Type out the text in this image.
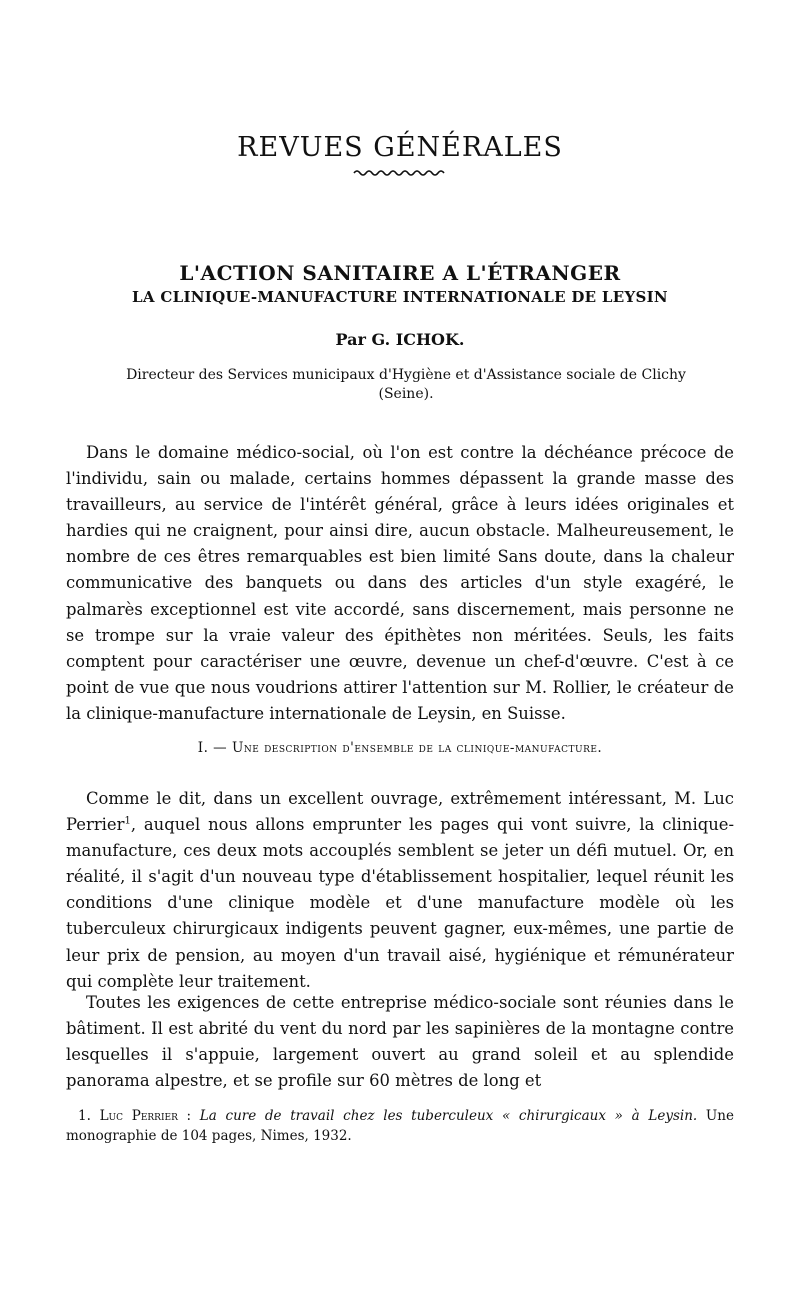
REVUES GÉNÉRALES
L'ACTION SANITAIRE A L'ÉTRANGER
LA CLINIQUE-MANUFACTURE INTERNATIONALE DE LEYSIN
Par G. ICHOK.
Directeur des Services municipaux d'Hygiène et d'Assistance sociale de Clichy (Seine).

Dans le domaine médico-social, où l'on est contre la déchéance précoce de l'individu, sain ou malade, certains hommes dépassent la grande masse des travailleurs, au service de l'intérêt général, grâce à leurs idées originales et hardies qui ne craignent, pour ainsi dire, aucun obstacle. Malheureusement, le nombre de ces êtres remarquables est bien limité Sans doute, dans la chaleur communicative des banquets ou dans des articles d'un style exagéré, le palmarès exceptionnel est vite accordé, sans discernement, mais personne ne se trompe sur la vraie valeur des épithètes non méritées. Seuls, les faits comptent pour caractériser une œuvre, devenue un chef-d'œuvre. C'est à ce point de vue que nous voudrions attirer l'attention sur M. Rollier, le créateur de la clinique-manufacture internationale de Leysin, en Suisse.

I. — Une description d'ensemble de la clinique-manufacture.

Comme le dit, dans un excellent ouvrage, extrêmement intéressant, M. Luc Perrier$^1$, auquel nous allons emprunter les pages qui vont suivre, la clinique-manufacture, ces deux mots accouplés semblent se jeter un défi mutuel. Or, en réalité, il s'agit d'un nouveau type d'établissement hospitalier, lequel réunit les conditions d'une clinique modèle et d'une manufacture modèle où les tuberculeux chirurgicaux indigents peuvent gagner, eux-mêmes, une partie de leur prix de pension, au moyen d'un travail aisé, hygiénique et rémunérateur qui complète leur traitement.

Toutes les exigences de cette entreprise médico-sociale sont réunies dans le bâtiment. Il est abrité du vent du nord par les sapinières de la montagne contre lesquelles il s'appuie, largement ouvert au grand soleil et au splendide panorama alpestre, et se profile sur 60 mètres de long et

1. Luc Perrier : La cure de travail chez les tuberculeux « chirurgicaux » à Leysin. Une monographie de 104 pages, Nimes, 1932.
